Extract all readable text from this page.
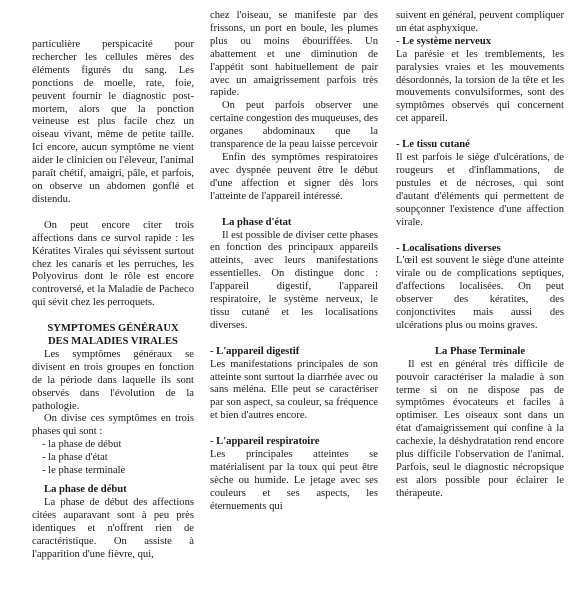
particulière perspicacité pour rechercher les cellules mères des éléments figurés du sang. Les ponctions de moelle, rate, foie, peuvent fournir le diagnostic post-mortem, alors que la ponction veineuse est plus facile chez un oiseau vivant, même de petite taille. Ici encore, aucun symptôme ne vient aider le clinicien ou l'éleveur, l'animal paraît chétif, amaigri, pâle, et parfois, on observe un abdomen gonflé et distendu.

On peut encore citer trois affections dans ce survol rapide : les Kératites Virales qui sévissent surtout chez les canaris et les perruches, les Polyovirus dont le rôle est encore controversé, et la Maladie de Pacheco qui sévit chez les perroquets.

SYMPTOMES GÉNÉRAUX
DES MALADIES VIRALES

Les symptômes généraux se divisent en trois groupes en fonction de la période dans laquelle ils sont observés dans l'évolution de la pathologie.

On divise ces symptômes en trois phases qui sont :

- la phase de début
- la phase d'état
- le phase terminale
La phase de début

La phase de début des affections citées auparavant sont à peu près identiques et n'offrent rien de caractéristique. On assiste à l'apparition d'une fièvre, qui,

chez l'oiseau, se manifeste par des frissons, un port en boule, les plumes plus ou moins ébouriffées. Un abattement et une diminution de l'appétit sont habituellement de pair avec un amaigrissement parfois très rapide.

On peut parfois observer une certaine congestion des muqueuses, des organes abdominaux que la transparence de la peau laisse percevoir

Enfin des symptômes respiratoires avec dyspnée peuvent être le début d'une affection et signer dès lors l'atteinte de l'appareil intéressé.

La phase d'état

Il est possible de diviser cette phases en fonction des principaux appareils atteints, avec leurs manifestations essentielles. On distingue donc : l'appareil digestif, l'appareil respiratoire, le système nerveux, le tissu cutané et les localisations diverses.

- L'appareil digestif

Les manifestations principales de son atteinte sont surtout la diarrhée avec ou sans méléna. Elle peut se caractériser par son aspect, sa couleur, sa fréquence et bien d'autres encore.

- L'appareil respiratoire

Les principales atteintes se matérialisent par la toux qui peut être sèche ou humide. Le jetage avec ses couleurs et ses aspects, les éternuements qui

suivent en général, peuvent compliquer un état asphyxique.

- Le système nerveux

La parésie et les tremblements, les paralysies vraies et les mouvements désordonnés, la torsion de la tête et les mouvements convulsiformes, sont des symptômes observés qui concernent cet appareil.

- Le tissu cutané

Il est parfois le siège d'ulcérations, de rougeurs et d'inflammations, de pustules et de nécroses, qui sont d'autant d'éléments qui permettent de soupçonner l'existence d'une affection virale.

- Localisations diverses

L'œil est souvent le siège d'une atteinte virale ou de complications septiques, d'affections localisées. On peut observer des kératites, des conjonctivites mais aussi des ulcérations plus ou moins graves.

La Phase Terminale

Il est en général très difficile de pouvoir caractériser la maladie à son terme si on ne dispose pas de symptômes évocateurs et faciles à optimiser. Les oiseaux sont dans un état d'amaigrissement qui confine à la cachexie, la déshydratation rend encore plus difficile l'observation de l'animal. Parfois, seul le diagnostic nécropsique est alors possible pour éclairer le thérapeute.
